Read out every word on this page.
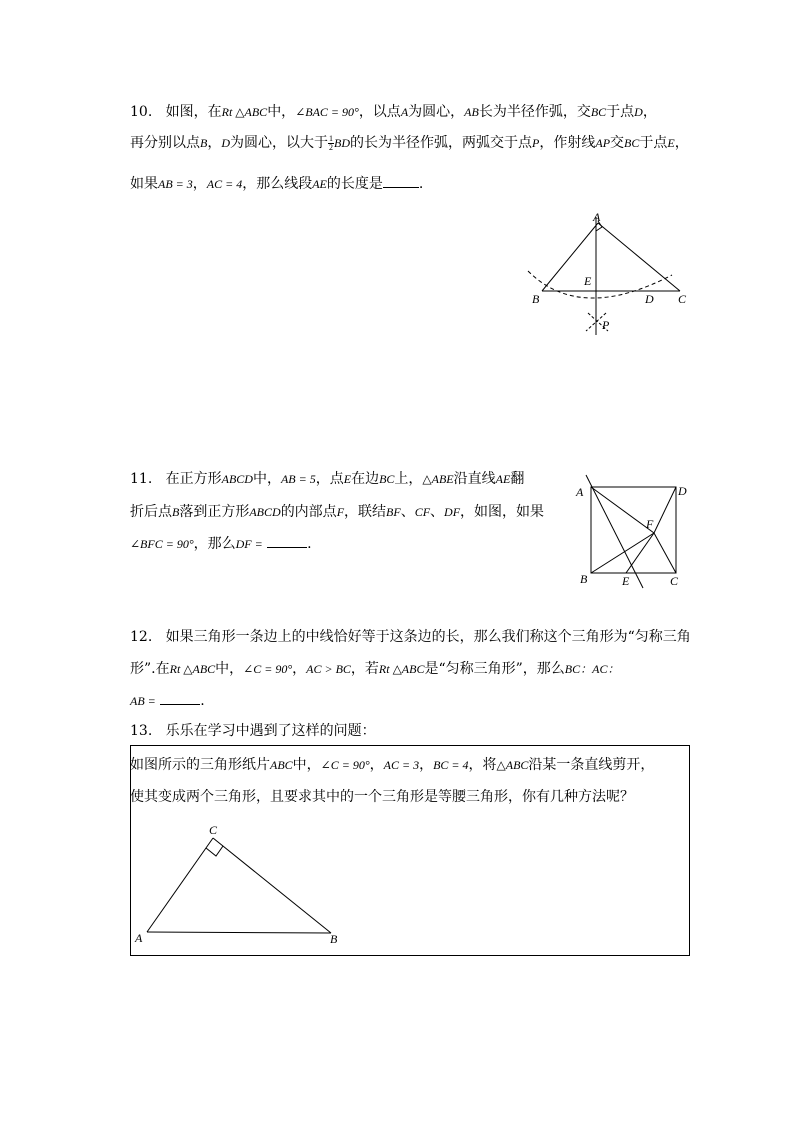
10. 如图，在Rt △ABC中，∠BAC = 90°，以点A为圆心，AB长为半径作弧，交BC于点D，
再分别以点B，D为圆心，以大于 $\frac{1}{2}$ BD的长为半径作弧，两弧交于点P，作射线AP交BC于点E，
如果AB = 3，AC = 4，那么线段AE的长度是	.
A
B	C
D
E
P
11. 在正方形ABCD中，AB = 5，点E在边BC上，△ABE沿直线AE翻
折后点B落到正方形ABCD的内部点F，联结BF、CF、DF，如图，如果
∠BFC = 90°，那么DF =	.
A
B	C
D
E
F
12. 如果三角形一条边上的中线恰好等于这条边的长，那么我们称这个三角形为“匀称三角
形”.在Rt △ABC中，∠C = 90°，AC > BC，若Rt △ABC是“匀称三角形”，那么BC：AC：
AB =	.
13. 乐乐在学习中遇到了这样的问题：
C
A	B
如图所示的三角形纸片ABC中，∠C = 90°，AC = 3，BC = 4，将△ABC沿某一条直线剪开，
使其变成两个三角形，且要求其中的一个三角形是等腰三角形，你有几种方法呢？
